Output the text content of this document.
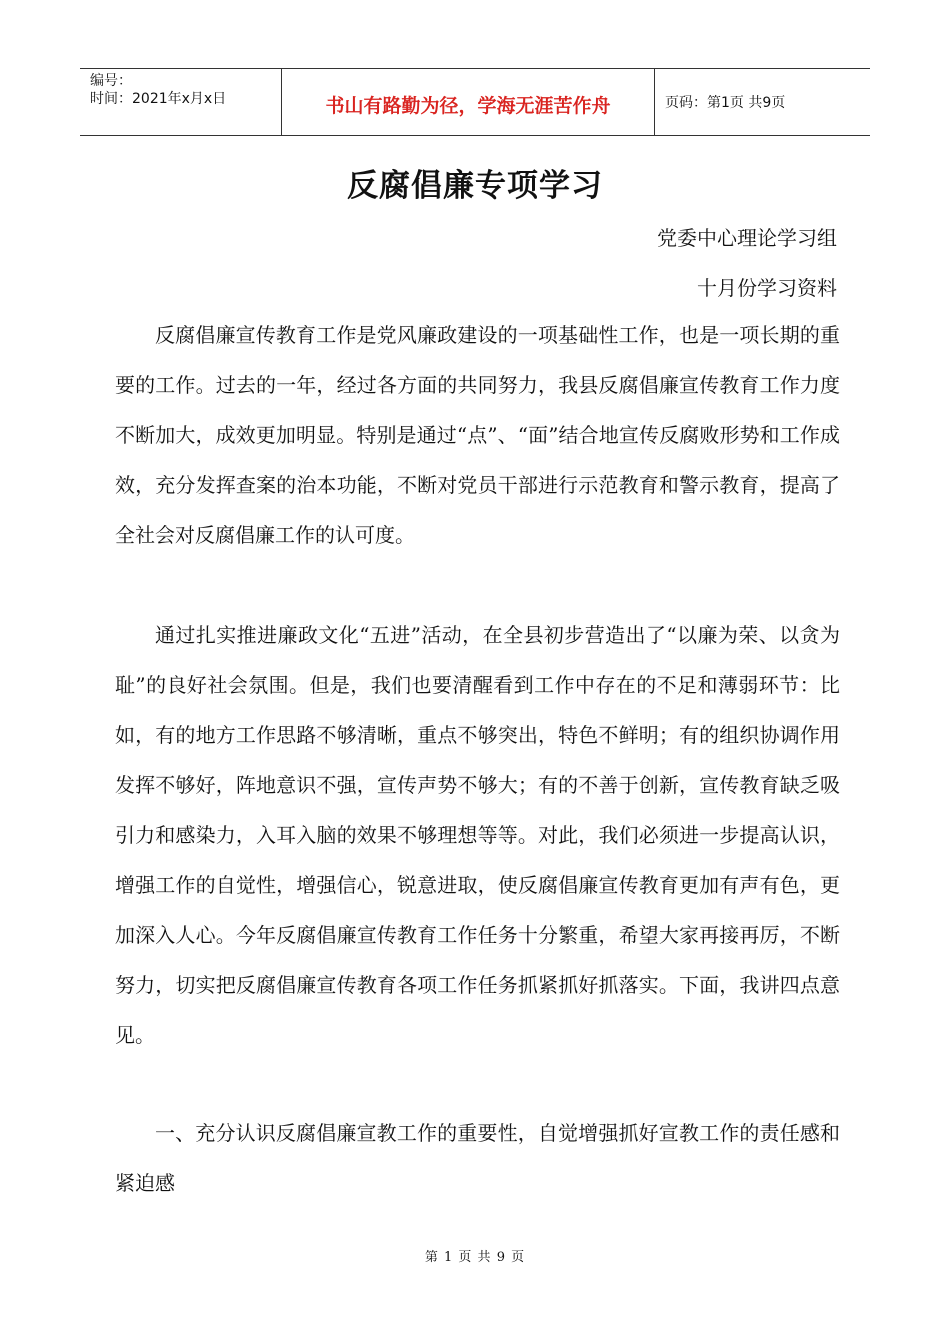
编号：
时间：2021年x月x日	书山有路勤为径，学海无涯苦作舟	页码：第1页 共9页
反腐倡廉专项学习
党委中心理论学习组
十月份学习资料

反腐倡廉宣传教育工作是党风廉政建设的一项基础性工作，也是一项长期的重要的工作。过去的一年，经过各方面的共同努力，我县反腐倡廉宣传教育工作力度不断加大，成效更加明显。特别是通过“点”、“面”结合地宣传反腐败形势和工作成效，充分发挥查案的治本功能，不断对党员干部进行示范教育和警示教育，提高了全社会对反腐倡廉工作的认可度。

通过扎实推进廉政文化“五进”活动，在全县初步营造出了“以廉为荣、以贪为耻”的良好社会氛围。但是，我们也要清醒看到工作中存在的不足和薄弱环节：比如，有的地方工作思路不够清晰，重点不够突出，特色不鲜明；有的组织协调作用发挥不够好，阵地意识不强，宣传声势不够大；有的不善于创新，宣传教育缺乏吸引力和感染力，入耳入脑的效果不够理想等等。对此，我们必须进一步提高认识，增强工作的自觉性，增强信心，锐意进取，使反腐倡廉宣传教育更加有声有色，更加深入人心。今年反腐倡廉宣传教育工作任务十分繁重，希望大家再接再厉，不断努力，切实把反腐倡廉宣传教育各项工作任务抓紧抓好抓落实。下面，我讲四点意见。

一、充分认识反腐倡廉宣教工作的重要性，自觉增强抓好宣教工作的责任感和紧迫感

第 1 页 共 9 页
